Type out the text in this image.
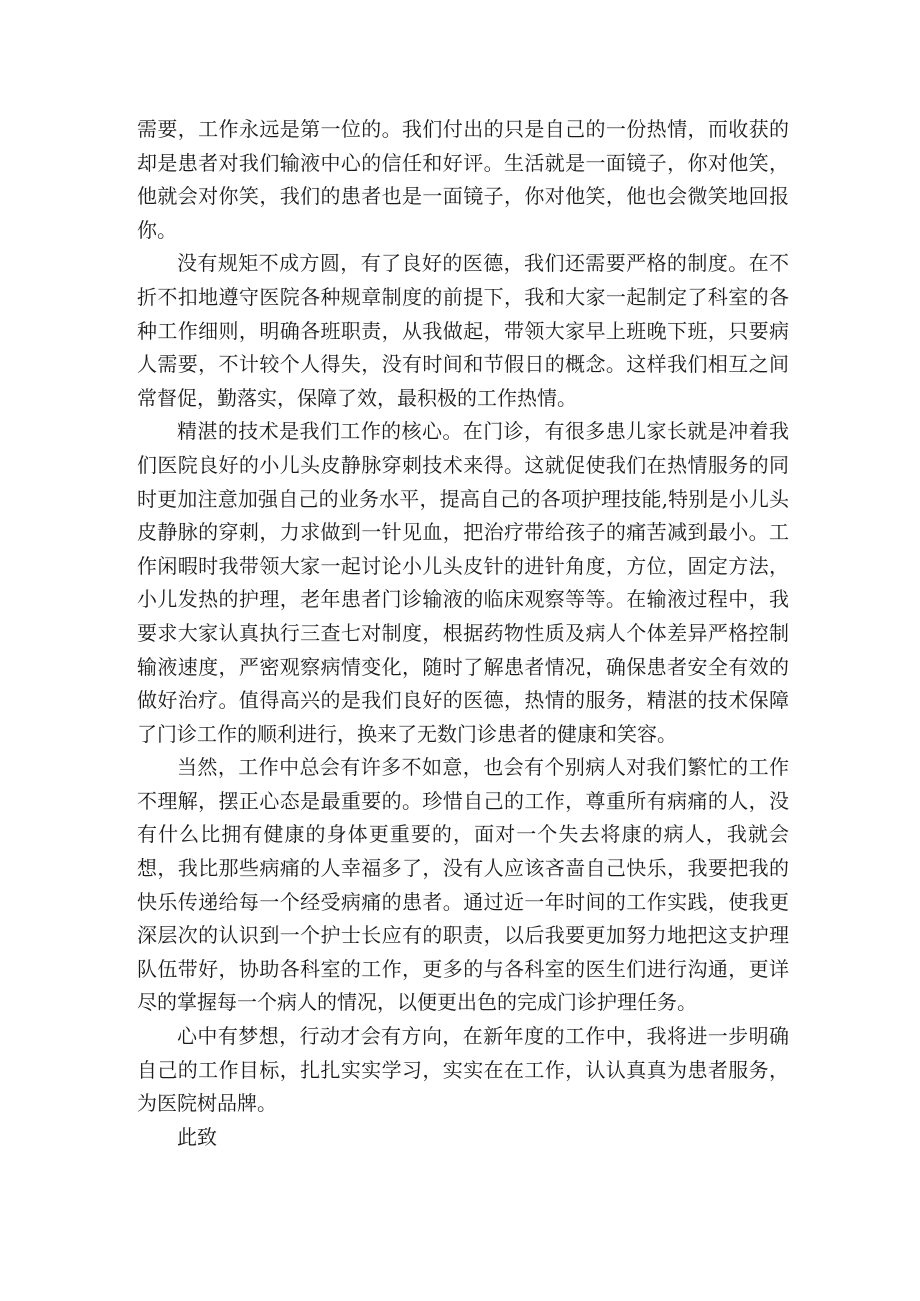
需要，工作永远是第一位的。我们付出的只是自己的一份热情，而收获的却是患者对我们输液中心的信任和好评。生活就是一面镜子，你对他笑，他就会对你笑，我们的患者也是一面镜子，你对他笑，他也会微笑地回报你。

没有规矩不成方圆，有了良好的医德，我们还需要严格的制度。在不折不扣地遵守医院各种规章制度的前提下，我和大家一起制定了科室的各种工作细则，明确各班职责，从我做起，带领大家早上班晚下班，只要病人需要，不计较个人得失，没有时间和节假日的概念。这样我们相互之间常督促，勤落实，保障了效，最积极的工作热情。

精湛的技术是我们工作的核心。在门诊，有很多患儿家长就是冲着我们医院良好的小儿头皮静脉穿刺技术来得。这就促使我们在热情服务的同时更加注意加强自己的业务水平，提高自己的各项护理技能,特别是小儿头皮静脉的穿刺，力求做到一针见血，把治疗带给孩子的痛苦减到最小。工作闲暇时我带领大家一起讨论小儿头皮针的进针角度，方位，固定方法，小儿发热的护理，老年患者门诊输液的临床观察等等。在输液过程中，我要求大家认真执行三查七对制度，根据药物性质及病人个体差异严格控制输液速度，严密观察病情变化，随时了解患者情况，确保患者安全有效的做好治疗。值得高兴的是我们良好的医德，热情的服务，精湛的技术保障了门诊工作的顺利进行，换来了无数门诊患者的健康和笑容。

当然，工作中总会有许多不如意，也会有个别病人对我们繁忙的工作不理解，摆正心态是最重要的。珍惜自己的工作，尊重所有病痛的人，没有什么比拥有健康的身体更重要的，面对一个失去将康的病人，我就会想，我比那些病痛的人幸福多了，没有人应该吝啬自己快乐，我要把我的快乐传递给每一个经受病痛的患者。通过近一年时间的工作实践，使我更深层次的认识到一个护士长应有的职责，以后我要更加努力地把这支护理队伍带好，协助各科室的工作，更多的与各科室的医生们进行沟通，更详尽的掌握每一个病人的情况，以便更出色的完成门诊护理任务。

心中有梦想，行动才会有方向，在新年度的工作中，我将进一步明确自己的工作目标，扎扎实实学习，实实在在工作，认认真真为患者服务，为医院树品牌。

此致
